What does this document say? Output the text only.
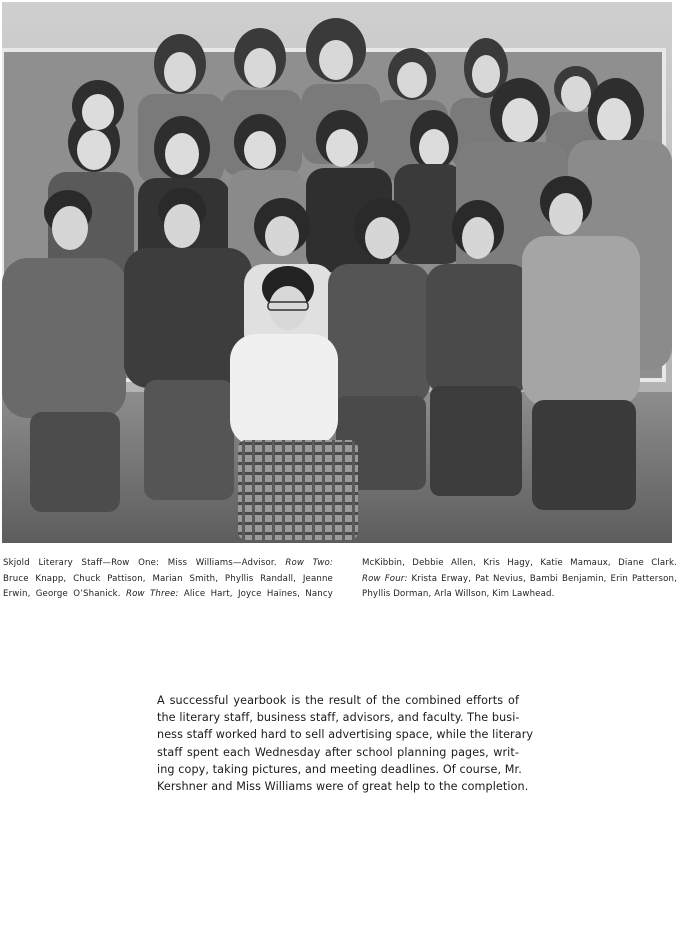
Skjold Literary Staff—Row One: Miss Williams—Advisor. Row Two:
Bruce Knapp, Chuck Pattison, Marian Smith, Phyllis Randall, Jeanne
Erwin, George O’Shanick. Row Three: Alice Hart, Joyce Haines, Nancy
McKibbin, Debbie Allen, Kris Hagy, Katie Mamaux, Diane Clark.
Row Four: Krista Erway, Pat Nevius, Bambi Benjamin, Erin Patterson,
Phyllis Dorman, Arla Willson, Kim Lawhead.
A successful yearbook is the result of the combined efforts of
the literary staff, business staff, advisors, and faculty. The busi-
ness staff worked hard to sell advertising space, while the literary
staff spent each Wednesday after school planning pages, writ-
ing copy, taking pictures, and meeting deadlines. Of course, Mr.
Kershner and Miss Williams were of great help to the completion.
